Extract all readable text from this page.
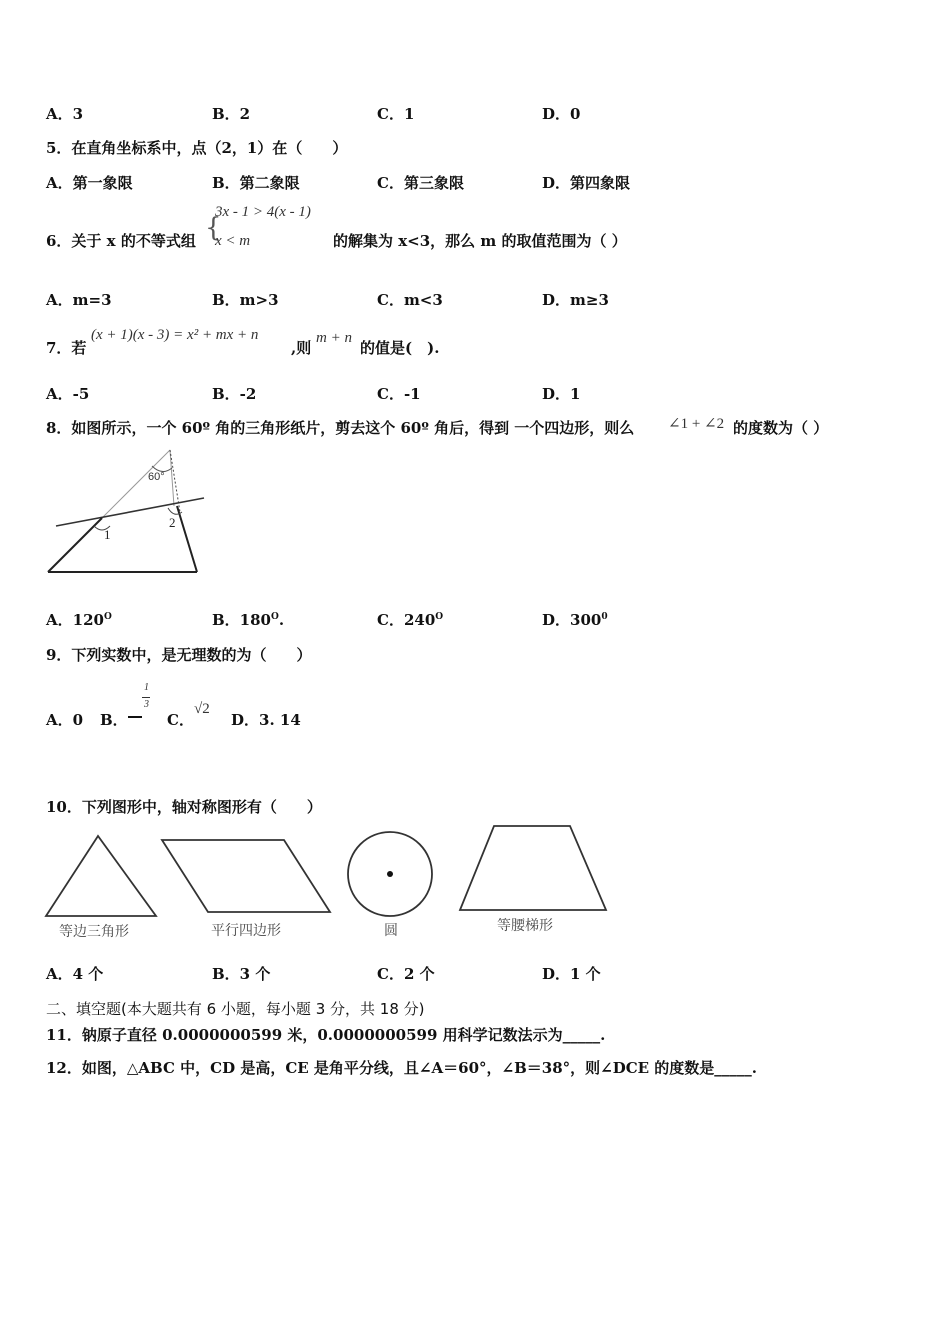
A．3	B．2	C．1	D．0
5．在直角坐标系中，点（2，1）在（　　）
A．第一象限	B．第二象限	C．第三象限	D．第四象限
6．关于 x 的不等式组 {
3x - 1 > 4(x - 1)
x < m	的解集为 x<3，那么 m 的取值范围为（ ）
A．m=3	B．m>3	C．m<3	D．m≥3
7．若
(x + 1)(x - 3) = x² + mx + n
,则
m + n
的值是(　).
A．-5	B．-2	C．-1	D．1
8．如图所示，一个 60º 角的三角形纸片，剪去这个 60º 角后，得到 一个四边形，则么 ∠1 + ∠2 的度数为（ ）
60°
1
2
A．$120^O$	B．$180^O$.	C．$240^O$	D．$300^0$
9．下列实数中，是无理数的为（　　）
A．0 B．
1
3
C．
√2
D．3. 14
10．下列图形中，轴对称图形有（　　）
等边三角形	平行四边形	圆	等腰梯形
A．4 个	B．3 个	C．2 个	D．1 个
二、填空题(本大题共有 6 小题，每小题 3 分，共 18 分)
11．钠原子直径 0.0000000599 米，0.0000000599 用科学记数法示为_____.
12．如图，△ABC 中，CD 是高，CE 是角平分线，且∠A＝60°，∠B＝38°，则∠DCE 的度数是_____.
